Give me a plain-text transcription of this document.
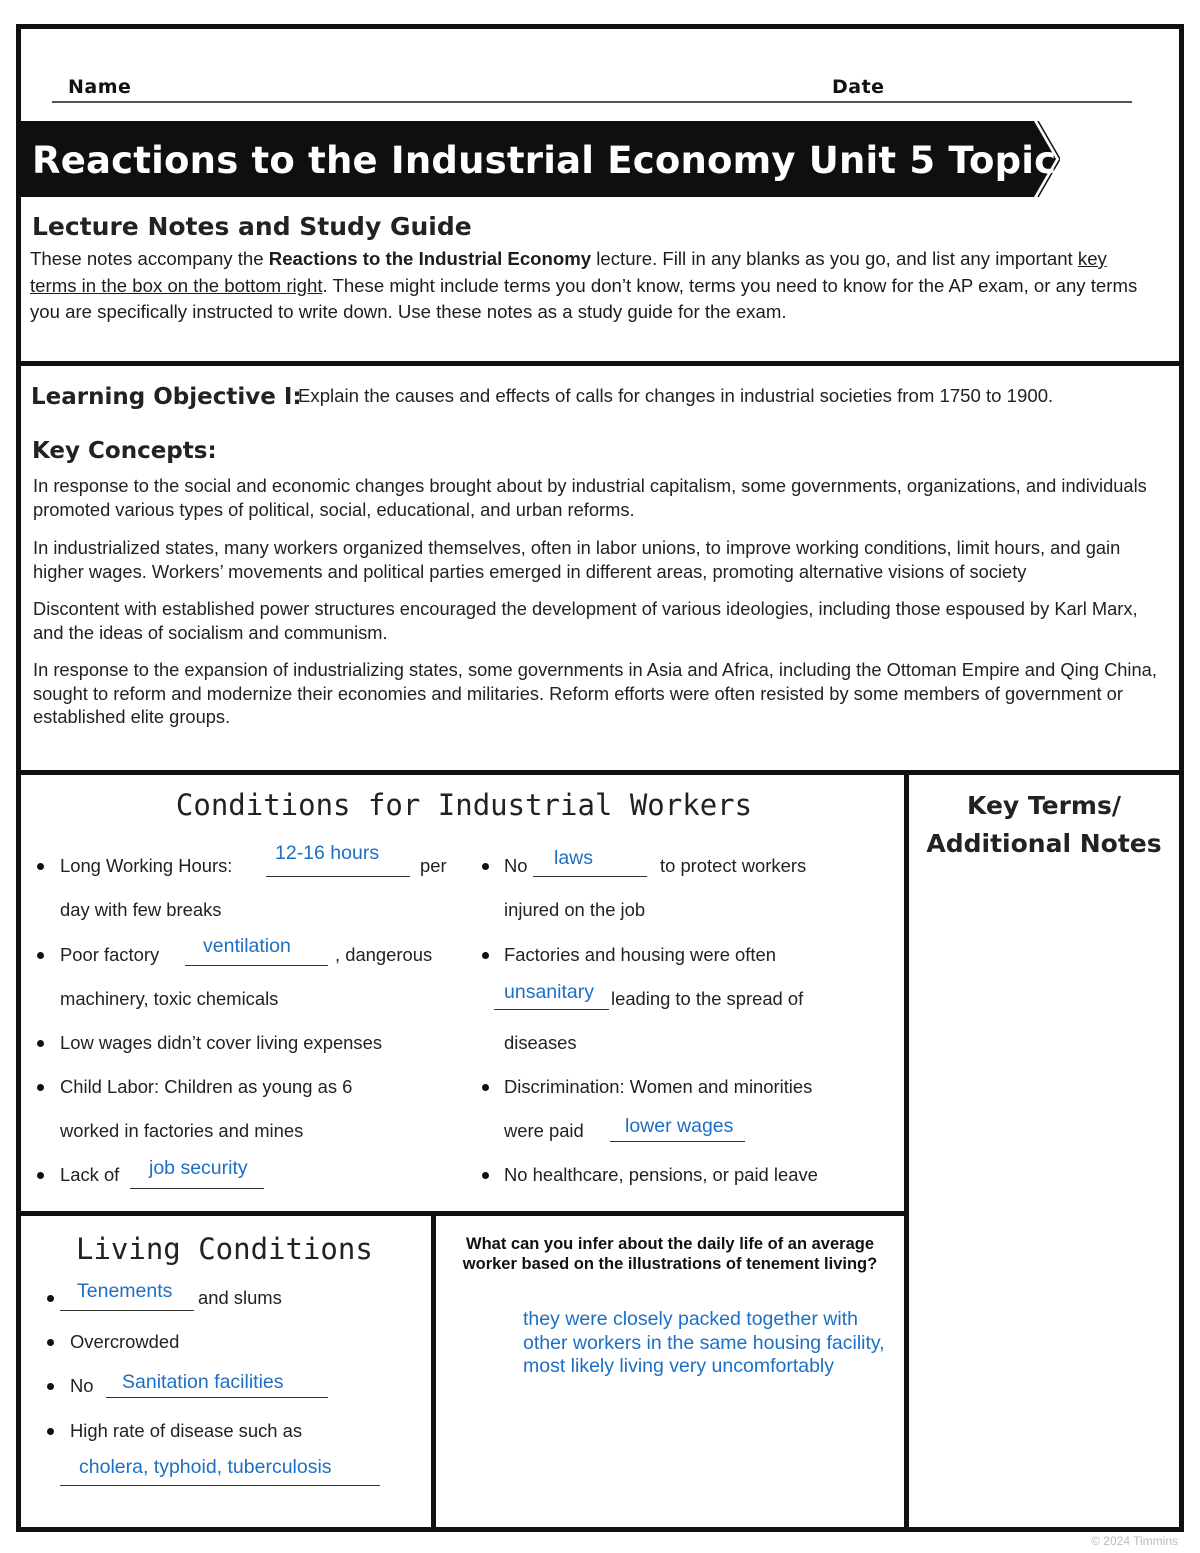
Name	Date
Reactions to the Industrial Economy Unit 5 Topic 8
Lecture Notes and Study Guide
These notes accompany the Reactions to the Industrial Economy lecture. Fill in any blanks as you go, and list any important key terms in the box on the bottom right. These might include terms you don’t know, terms you need to know for the AP exam, or any terms you are specifically instructed to write down. Use these notes as a study guide for the exam.
Learning Objective I:
Explain the causes and effects of calls for changes in industrial societies from 1750 to 1900.
Key Concepts:

In response to the social and economic changes brought about by industrial capitalism, some governments, organizations, and individuals promoted various types of political, social, educational, and urban reforms.

In industrialized states, many workers organized themselves, often in labor unions, to improve working conditions, limit hours, and gain higher wages. Workers’ movements and political parties emerged in different areas, promoting alternative visions of society

Discontent with established power structures encouraged the development of various ideologies, including those espoused by Karl Marx, and the ideas of socialism and communism.

In response to the expansion of industrializing states, some governments in Asia and Africa, including the Ottoman Empire and Qing China, sought to reform and modernize their economies and militaries. Reform efforts were often resisted by some members of government or established elite groups.

Conditions for Industrial Workers	Key Terms/
Additional Notes
Long Working Hours:
12-16 hours
per
day with few breaks
Poor factory ventilation , dangerous
machinery, toxic chemicals
Low wages didn’t cover living expenses
Child Labor: Children as young as 6
worked in factories and mines
Lack of job security
No laws	to protect workers
injured on the job
Factories and housing were often
unsanitary leading to the spread of
diseases
Discrimination: Women and minorities
were paid lower wages
No healthcare, pensions, or paid leave
Living Conditions
Tenements and slums
Overcrowded
No Sanitation facilities
High rate of disease such as
cholera, typhoid, tuberculosis
What can you infer about the daily life of an average worker based on the illustrations of tenement living?
they were closely packed together with
other workers in the same housing facility,
most likely living very uncomfortably
© 2024 Timmins
